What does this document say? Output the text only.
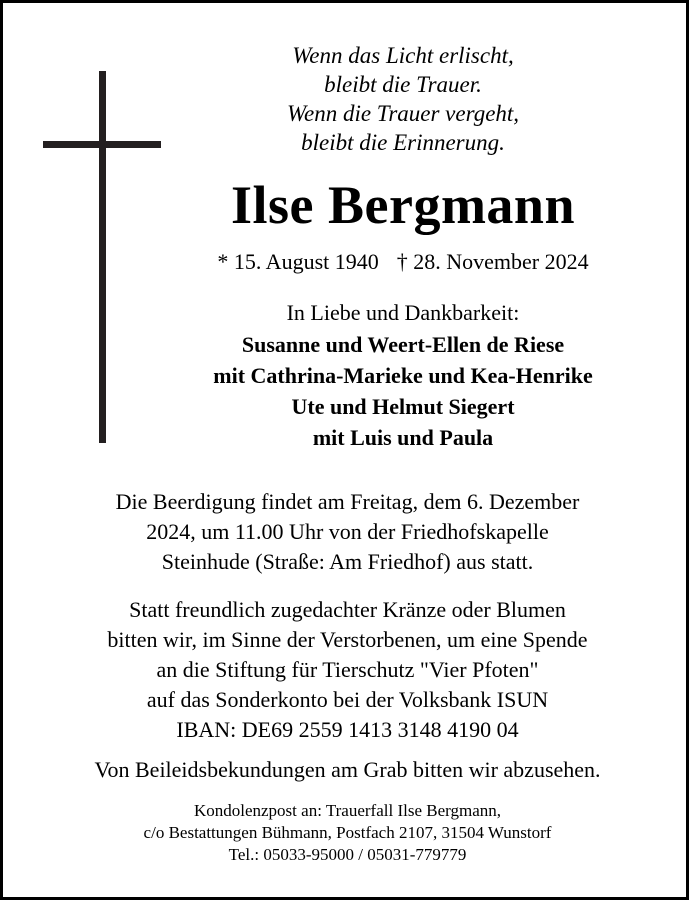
Wenn das Licht erlischt,
bleibt die Trauer.
Wenn die Trauer vergeht,
bleibt die Erinnerung.
Ilse Bergmann
* 15. August 1940 † 28. November 2024
In Liebe und Dankbarkeit:
Susanne und Weert-Ellen de Riese
mit Cathrina-Marieke und Kea-Henrike
Ute und Helmut Siegert
mit Luis und Paula
Die Beerdigung findet am Freitag, dem 6. Dezember
2024, um 11.00 Uhr von der Friedhofskapelle
Steinhude (Straße: Am Friedhof) aus statt.
Statt freundlich zugedachter Kränze oder Blumen
bitten wir, im Sinne der Verstorbenen, um eine Spende
an die Stiftung für Tierschutz "Vier Pfoten"
auf das Sonderkonto bei der Volksbank ISUN
IBAN: DE69 2559 1413 3148 4190 04
Von Beileidsbekundungen am Grab bitten wir abzusehen.
Kondolenzpost an: Trauerfall Ilse Bergmann,
c/o Bestattungen Bühmann, Postfach 2107, 31504 Wunstorf
Tel.: 05033-95000 / 05031-779779
